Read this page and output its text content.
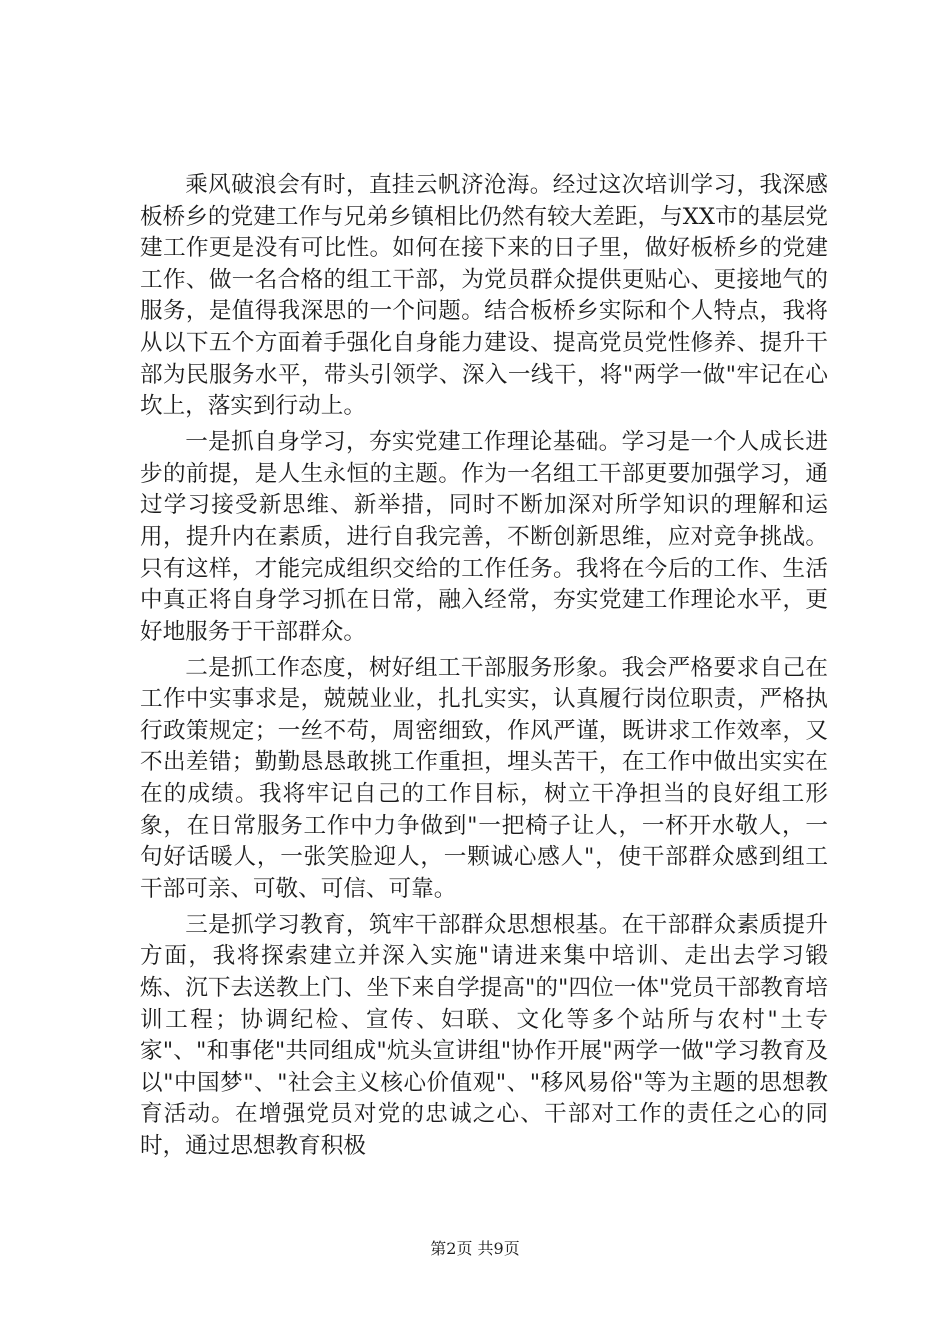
乘风破浪会有时，直挂云帆济沧海。经过这次培训学习，我深感板桥乡的党建工作与兄弟乡镇相比仍然有较大差距，与XX市的基层党建工作更是没有可比性。如何在接下来的日子里，做好板桥乡的党建工作、做一名合格的组工干部，为党员群众提供更贴心、更接地气的服务，是值得我深思的一个问题。结合板桥乡实际和个人特点，我将从以下五个方面着手强化自身能力建设、提高党员党性修养、提升干部为民服务水平，带头引领学、深入一线干，将"两学一做"牢记在心坎上，落实到行动上。

一是抓自身学习，夯实党建工作理论基础。学习是一个人成长进步的前提，是人生永恒的主题。作为一名组工干部更要加强学习，通过学习接受新思维、新举措，同时不断加深对所学知识的理解和运用，提升内在素质，进行自我完善，不断创新思维，应对竞争挑战。只有这样，才能完成组织交给的工作任务。我将在今后的工作、生活中真正将自身学习抓在日常，融入经常，夯实党建工作理论水平，更好地服务于干部群众。

二是抓工作态度，树好组工干部服务形象。我会严格要求自己在工作中实事求是，兢兢业业，扎扎实实，认真履行岗位职责，严格执行政策规定；一丝不苟，周密细致，作风严谨，既讲求工作效率，又不出差错；勤勤恳恳敢挑工作重担，埋头苦干，在工作中做出实实在在的成绩。我将牢记自己的工作目标，树立干净担当的良好组工形象，在日常服务工作中力争做到"一把椅子让人，一杯开水敬人，一句好话暖人，一张笑脸迎人，一颗诚心感人"，使干部群众感到组工干部可亲、可敬、可信、可靠。

三是抓学习教育，筑牢干部群众思想根基。在干部群众素质提升方面，我将探索建立并深入实施"请进来集中培训、走出去学习锻炼、沉下去送教上门、坐下来自学提高"的"四位一体"党员干部教育培训工程；协调纪检、宣传、妇联、文化等多个站所与农村"土专家"、"和事佬"共同组成"炕头宣讲组"协作开展"两学一做"学习教育及以"中国梦"、"社会主义核心价值观"、"移风易俗"等为主题的思想教育活动。在增强党员对党的忠诚之心、干部对工作的责任之心的同时，通过思想教育积极

第2页 共9页
